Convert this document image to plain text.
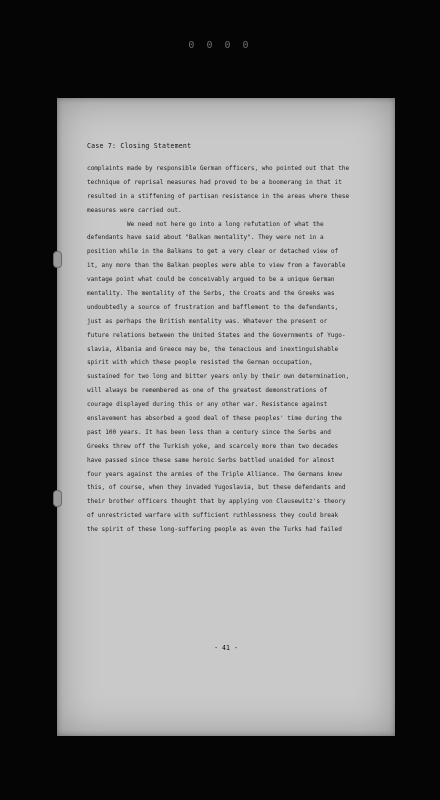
0 0 0 0
Case 7: Closing Statement
complaints made by responsible German officers, who pointed out that the
technique of reprisal measures had proved to be a boomerang in that it
resulted in a stiffening of partisan resistance in the areas where these
measures were carried out.
We need not here go into a long refutation of what the
defendants have said about "Balkan mentality". They were not in a
position while in the Balkans to get a very clear or detached view of
it, any more than the Balkan peoples were able to view from a favorable
vantage point what could be conceivably argued to be a unique German
mentality. The mentality of the Serbs, the Croats and the Greeks was
undoubtedly a source of frustration and bafflement to the defendants,
just as perhaps the British mentality was. Whatever the present or
future relations between the United States and the Governments of Yugo-
slavia, Albania and Greece may be, the tenacious and inextinguishable
spirit with which these people resisted the German occupation,
sustained for two long and bitter years only by their own determination,
will always be remembered as one of the greatest demonstrations of
courage displayed during this or any other war. Resistance against
enslavement has absorbed a good deal of these peoples' time during the
past 100 years. It has been less than a century since the Serbs and
Greeks threw off the Turkish yoke, and scarcely more than two decades
have passed since these same heroic Serbs battled unaided for almost
four years against the armies of the Triple Alliance. The Germans knew
this, of course, when they invaded Yugoslavia, but these defendants and
their brother officers thought that by applying von Clausewitz's theory
of unrestricted warfare with sufficient ruthlessness they could break
the spirit of these long-suffering people as even the Turks had failed
- 41 -
